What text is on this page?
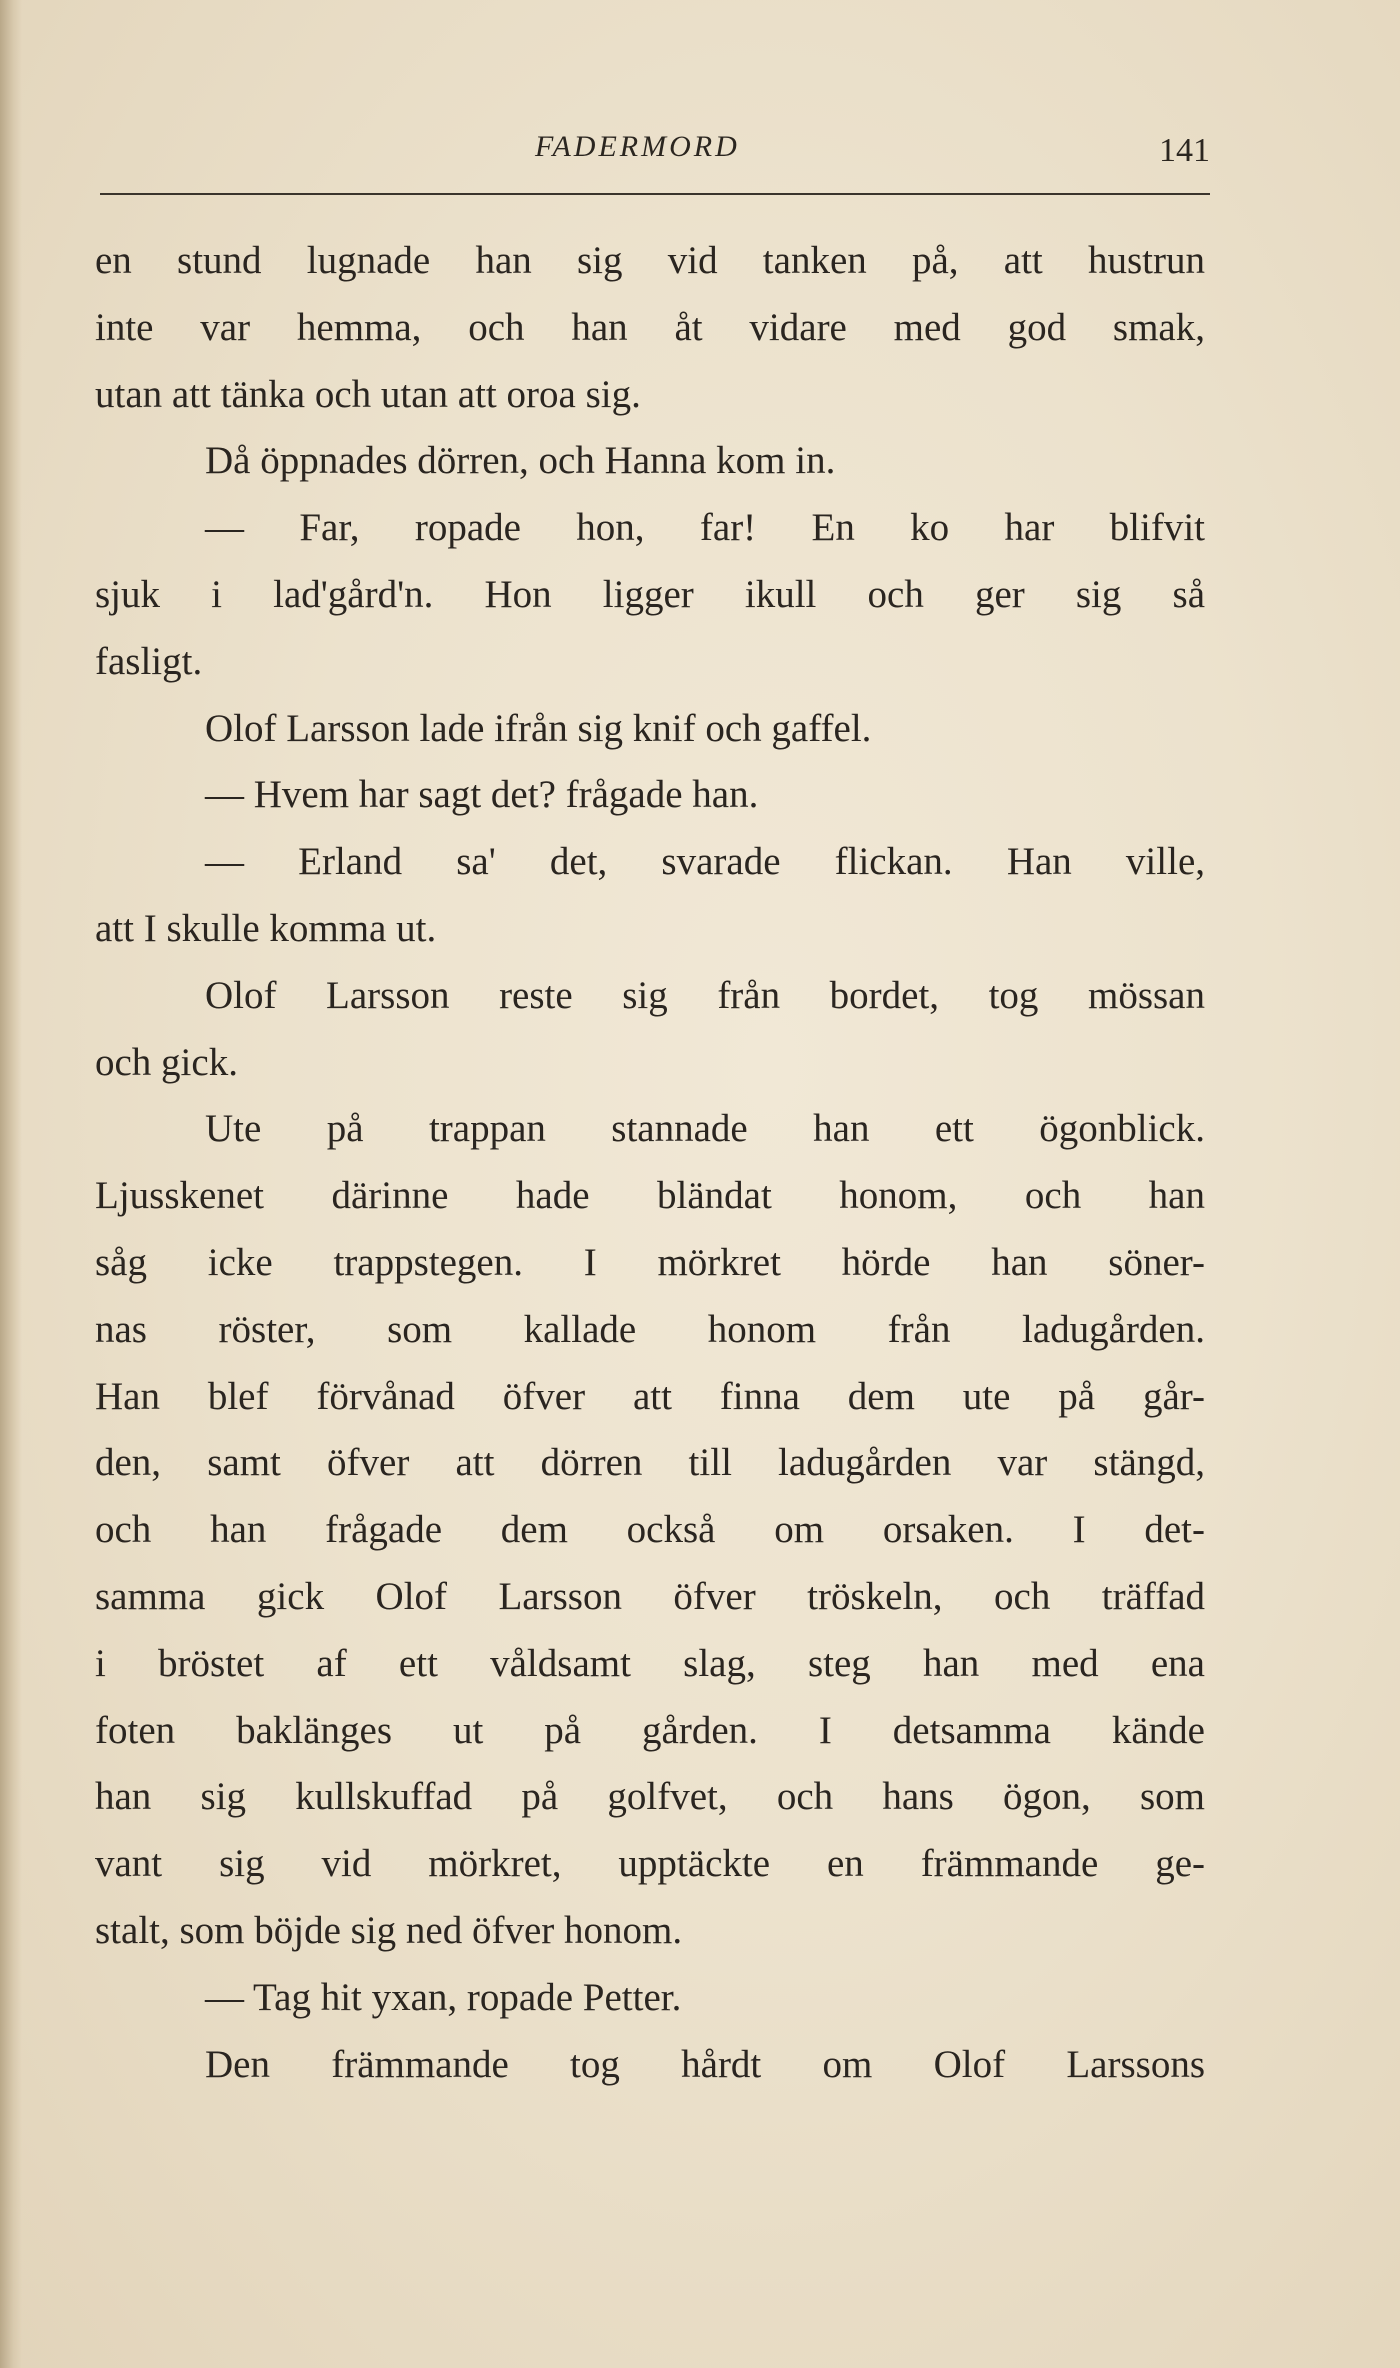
FADERMORD	141
en stund lugnade han sig vid tanken på, att hustrun
inte var hemma, och han åt vidare med god smak,
utan att tänka och utan att oroa sig.
Då öppnades dörren, och Hanna kom in.
— Far, ropade hon, far! En ko har blifvit
sjuk i lad'gård'n. Hon ligger ikull och ger sig så
fasligt.
Olof Larsson lade ifrån sig knif och gaffel.
— Hvem har sagt det? frågade han.
— Erland sa' det, svarade flickan. Han ville,
att I skulle komma ut.
Olof Larsson reste sig från bordet, tog mössan
och gick.
Ute på trappan stannade han ett ögonblick.
Ljusskenet därinne hade bländat honom, och han
såg icke trappstegen. I mörkret hörde han söner-
nas röster, som kallade honom från ladugården.
Han blef förvånad öfver att finna dem ute på går-
den, samt öfver att dörren till ladugården var stängd,
och han frågade dem också om orsaken. I det-
samma gick Olof Larsson öfver tröskeln, och träffad
i bröstet af ett våldsamt slag, steg han med ena
foten baklänges ut på gården. I detsamma kände
han sig kullskuffad på golfvet, och hans ögon, som
vant sig vid mörkret, upptäckte en främmande ge-
stalt, som böjde sig ned öfver honom.
— Tag hit yxan, ropade Petter.
Den främmande tog hårdt om Olof Larssons
